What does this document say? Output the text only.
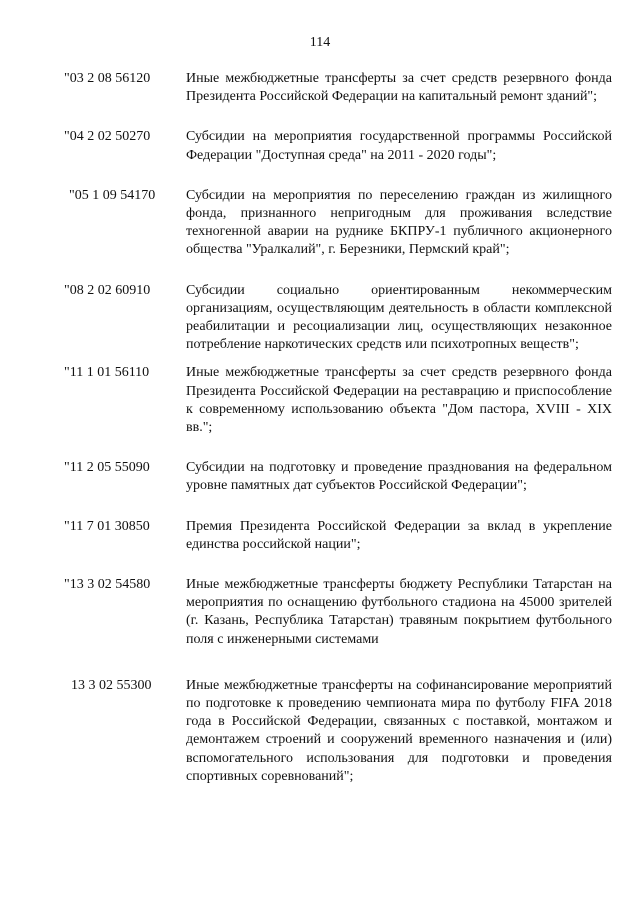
114
"03 2 08 56120	Иные межбюджетные трансферты за счет средств резервного фонда Президента Российской Федерации на капитальный ремонт зданий";
"04 2 02 50270	Субсидии на мероприятия государственной программы Российской Федерации "Доступная среда" на 2011 - 2020 годы";
"05 1 09 54170	Субсидии на мероприятия по переселению граждан из жилищного фонда, признанного непригодным для проживания вследствие техногенной аварии на руднике БКПРУ-1 публичного акционерного общества "Уралкалий", г. Березники, Пермский край";
"08 2 02 60910	Субсидии социально ориентированным некоммерческим организациям, осуществляющим деятельность в области комплексной реабилитации и ресоциализации лиц, осуществляющих незаконное потребление наркотических средств или психотропных веществ";
"11 1 01 56110	Иные межбюджетные трансферты за счет средств резервного фонда Президента Российской Федерации на реставрацию и приспособление к современному использованию объекта "Дом пастора, XVIII - XIX вв.";
"11 2 05 55090	Субсидии на подготовку и проведение празднования на федеральном уровне памятных дат субъектов Российской Федерации";
"11 7 01 30850	Премия Президента Российской Федерации за вклад в укрепление единства российской нации";
"13 3 02 54580	Иные межбюджетные трансферты бюджету Республики Татарстан на мероприятия по оснащению футбольного стадиона на 45000 зрителей (г. Казань, Республика Татарстан) травяным покрытием футбольного поля с инженерными системами
13 3 02 55300	Иные межбюджетные трансферты на софинансирование мероприятий по подготовке к проведению чемпионата мира по футболу FIFA 2018 года в Российской Федерации, связанных с поставкой, монтажом и демонтажем строений и сооружений временного назначения и (или) вспомогательного использования для подготовки и проведения спортивных соревнований";
